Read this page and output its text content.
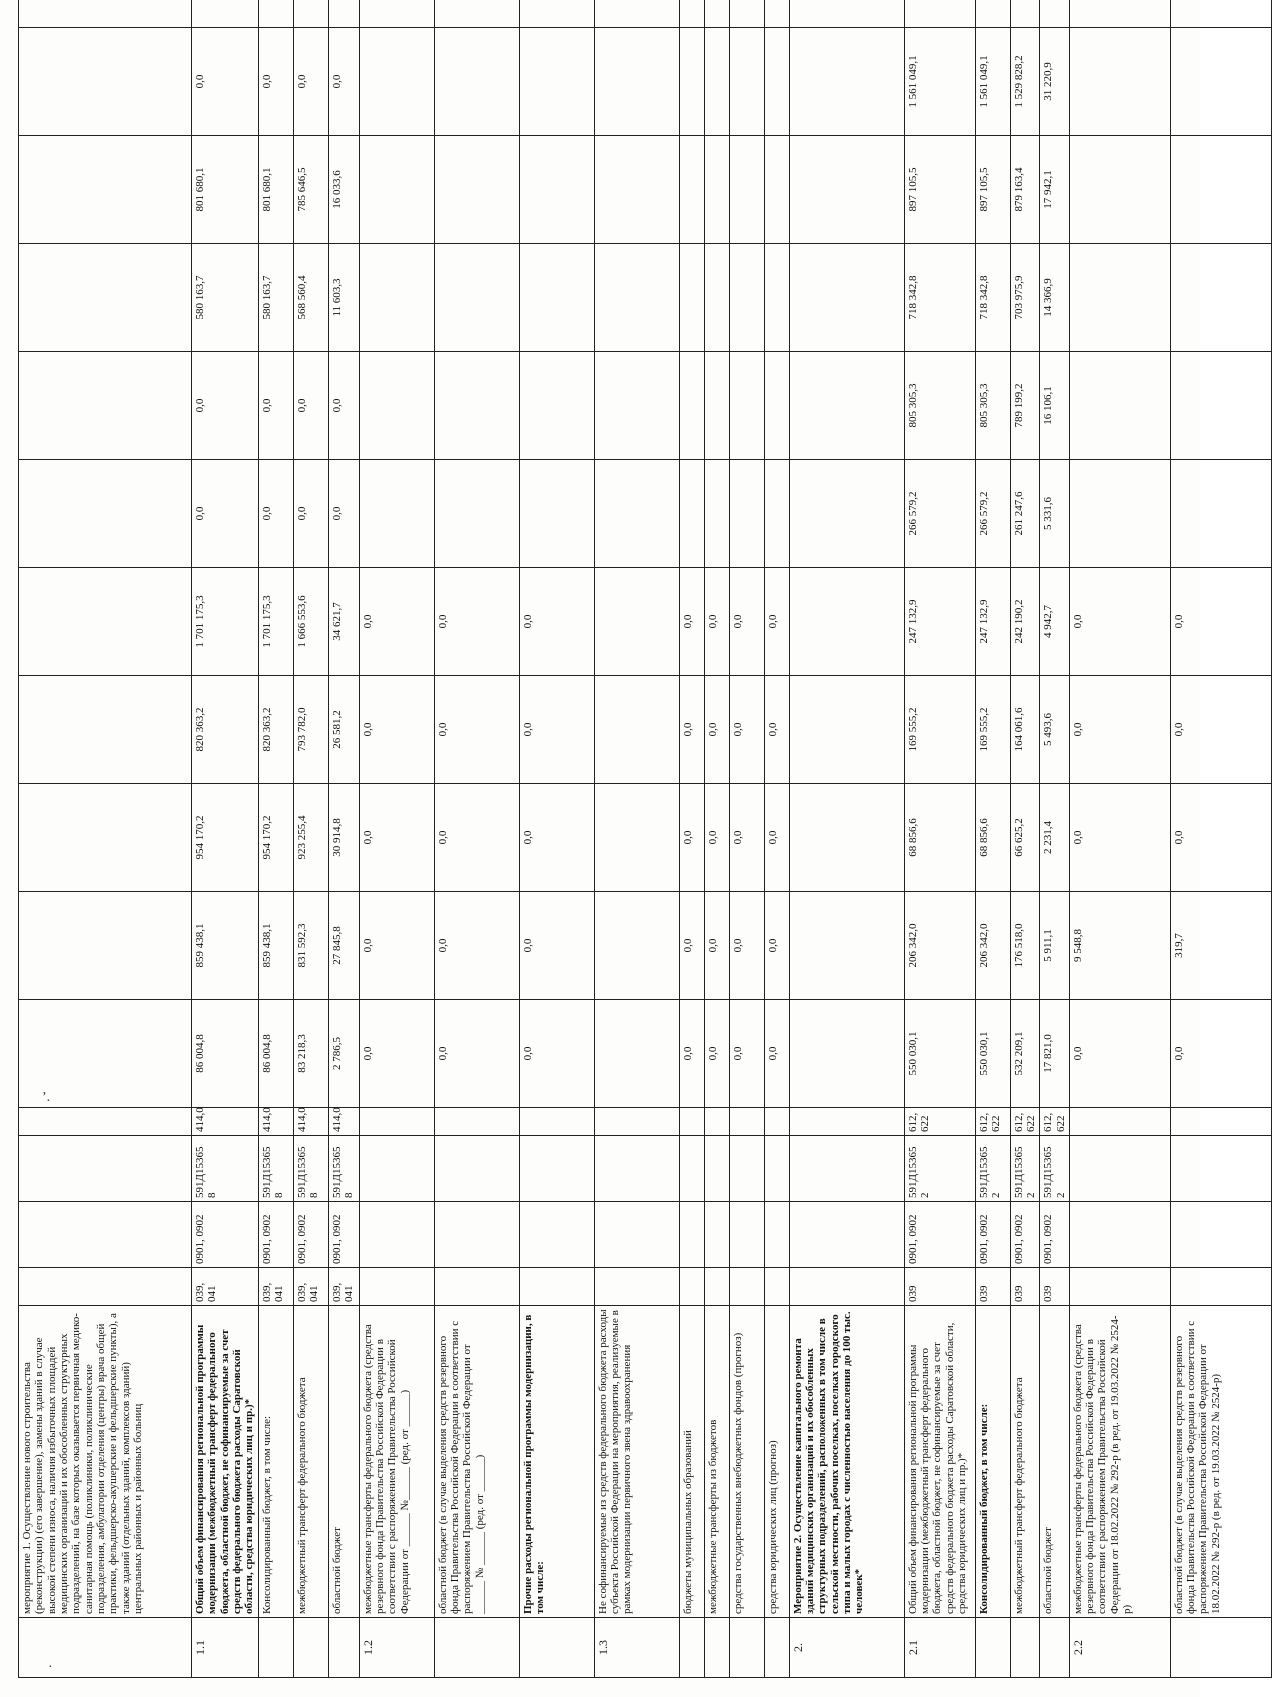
’.
·
	мероприятие 1. Осуществление нового строительства (реконструкции) (его завершение), замены зданий в случае высокой степени износа, наличия избыточных площадей медицинских организаций и их обособленных структурных подразделений, на базе которых оказывается первичная медико-санитарная помощь (поликлиники, поликлинические подразделения, амбулатории отделения (центры) врача общей практики, фельдшерско-акушерские и фельдшерские пункты), а также зданий (отдельных зданий, комплексов зданий) центральных районных и районных больниц															
1.1	Общий объем финансирования региональной программы модернизации (межбюджетный трансферт федерального бюджета, областной бюджет, не софинансируемые за счет средств федерального бюджета расходы Саратовской области, средства юридических лиц и пр.)*	039, 041	0901, 0902	591Д15365 8	414,0	86 004,8	859 438,1	954 170,2	820 363,2	1 701 175,3	0,0	0,0	580 163,7	801 680,1	0,0	
	Консолидированный бюджет, в том числе:	039, 041	0901, 0902	591Д15365 8	414,0	86 004,8	859 438,1	954 170,2	820 363,2	1 701 175,3	0,0	0,0	580 163,7	801 680,1	0,0	
	межбюджетный трансферт федерального бюджета	039, 041	0901, 0902	591Д15365 8	414,0	83 218,3	831 592,3	923 255,4	793 782,0	1 666 553,6	0,0	0,0	568 560,4	785 646,5	0,0	
	областной бюджет	039, 041	0901, 0902	591Д15365 8	414,0	2 786,5	27 845,8	30 914,8	26 581,2	34 621,7	0,0	0,0	11 603,3	16 033,6	0,0	
1.2	межбюджетные трансферты федерального бюджета (средства резервного фонда Правительства Российской Федерации в соответствии с распоряжением Правительства Российской Федерации от ______ №______ (ред. от ______)					0,0	0,0	0,0	0,0	0,0						
	областной бюджет (в случае выделения средств резервного фонда Правительства Российской Федерации в соответствии с распоряжением Правительства Российской Федерации от ______ № ______ (ред. от ______)					0,0	0,0	0,0	0,0	0,0						
	Прочие расходы региональной программы модернизации, в том числе:					0,0	0,0	0,0	0,0	0,0						
1.3	Не софинансируемые из средств федерального бюджета расходы субъекта Российской Федерации на мероприятия, реализуемые в рамках модернизации первичного звена здравоохранения															
	бюджеты муниципальных образований					0,0	0,0	0,0	0,0	0,0						
	межбюджетные трансферты из бюджетов					0,0	0,0	0,0	0,0	0,0						
	средства государственных внебюджетных фондов (прогноз)					0,0	0,0	0,0	0,0	0,0						
	средства юридических лиц (прогноз)					0,0	0,0	0,0	0,0	0,0						
2.	Мероприятие 2. Осуществление капитального ремонта зданий медицинских организаций и их обособленных структурных подразделений, расположенных в том числе в сельской местности, рабочих поселках, поселках городского типа и малых городах с численностью населения до 100 тыс. человек*															
2.1	Общий объем финансирования региональной программы модернизации (межбюджетный трансферт федерального бюджета, областной бюджет, не софинансируемые за счет средств федерального бюджета расходы Саратовской области, средства юридических лиц и пр.)*	039	0901, 0902	591Д15365 2	612, 622	550 030,1	206 342,0	68 856,6	169 555,2	247 132,9	266 579,2	805 305,3	718 342,8	897 105,5	1 561 049,1	
	Консолидированный бюджет, в том числе:	039	0901, 0902	591Д15365 2	612, 622	550 030,1	206 342,0	68 856,6	169 555,2	247 132,9	266 579,2	805 305,3	718 342,8	897 105,5	1 561 049,1	
	межбюджетный трансферт федерального бюджета	039	0901, 0902	591Д15365 2	612, 622	532 209,1	176 518,0	66 625,2	164 061,6	242 190,2	261 247,6	789 199,2	703 975,9	879 163,4	1 529 828,2	
	областной бюджет	039	0901, 0902	591Д15365 2	612, 622	17 821,0	5 911,1	2 231,4	5 493,6	4 942,7	5 331,6	16 106,1	14 366,9	17 942,1	31 220,9	
2.2	межбюджетные трансферты федерального бюджета (средства резервного фонда Правительства Российской Федерации в соответствии с распоряжением Правительства Российской Федерации от 18.02.2022 № 292-р (в ред. от 19.03.2022 № 2524-р)					0,0	9 548,8	0,0	0,0	0,0						
	областной бюджет (в случае выделения средств резервного фонда Правительства Российской Федерации в соответствии с распоряжением Правительства Российской Федерации от 18.02.2022 № 292-р (в ред. от 19.03.2022 № 2524-р)					0,0	319,7	0,0	0,0	0,0						
